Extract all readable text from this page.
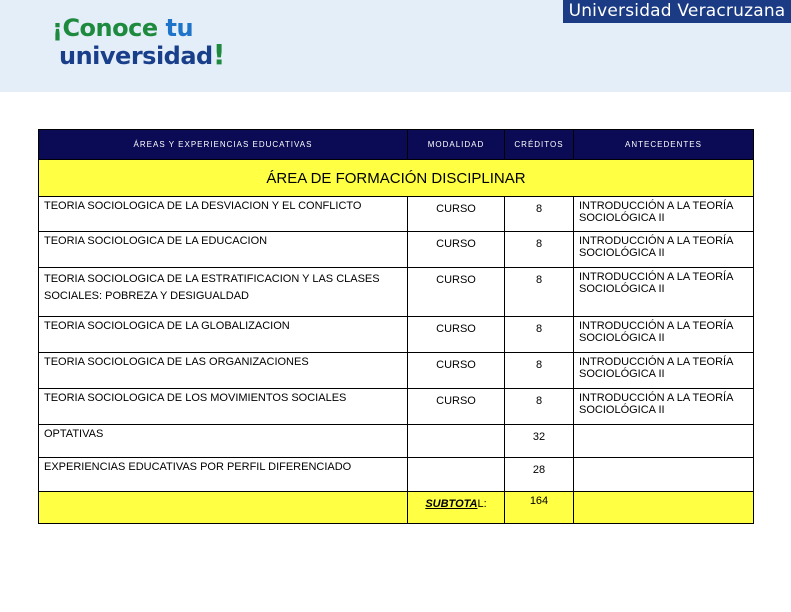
¡Conoce tu
universidad!
Universidad Veracruzana
ÁREAS Y EXPERIENCIAS EDUCATIVAS	MODALIDAD	CRÉDITOS	ANTECEDENTES
ÁREA DE FORMACIÓN DISCIPLINAR			
TEORIA SOCIOLOGICA DE LA DESVIACION Y EL CONFLICTO	CURSO	8	INTRODUCCIÓN A LA TEORÍA SOCIOLÓGICA II
TEORIA SOCIOLOGICA DE LA EDUCACION	CURSO	8	INTRODUCCIÓN A LA TEORÍA SOCIOLÓGICA II
TEORIA SOCIOLOGICA DE LA ESTRATIFICACION Y LAS CLASES SOCIALES: POBREZA Y DESIGUALDAD	CURSO	8	INTRODUCCIÓN A LA TEORÍA SOCIOLÓGICA II
TEORIA SOCIOLOGICA DE LA GLOBALIZACION	CURSO	8	INTRODUCCIÓN A LA TEORÍA SOCIOLÓGICA II
TEORIA SOCIOLOGICA DE LAS ORGANIZACIONES	CURSO	8	INTRODUCCIÓN A LA TEORÍA SOCIOLÓGICA II
TEORIA SOCIOLOGICA DE LOS MOVIMIENTOS SOCIALES	CURSO	8	INTRODUCCIÓN A LA TEORÍA SOCIOLÓGICA II
OPTATIVAS		32	
EXPERIENCIAS EDUCATIVAS POR PERFIL DIFERENCIADO		28	
	SUBTOTAL:	164	
